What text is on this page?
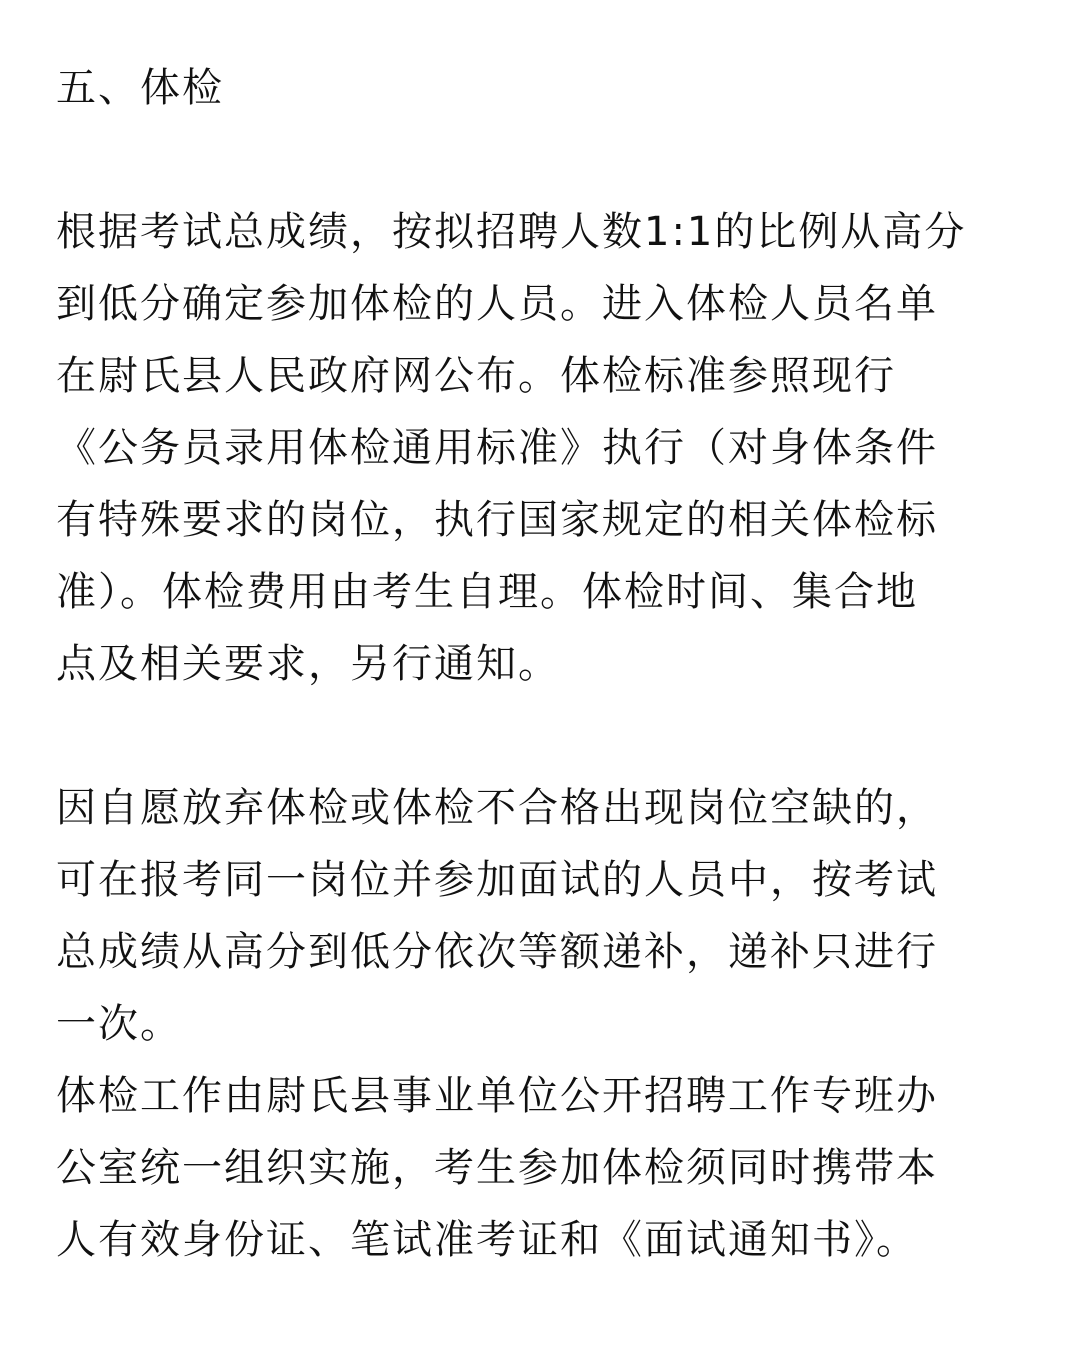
五、体检

根据考试总成绩，按拟招聘人数1:1的比例从高分
到低分确定参加体检的人员。进入体检人员名单
在尉氏县人民政府网公布。体检标准参照现行
《公务员录用体检通用标准》执行（对身体条件
有特殊要求的岗位，执行国家规定的相关体检标
准）。体检费用由考生自理。体检时间、集合地
点及相关要求，另行通知。

因自愿放弃体检或体检不合格出现岗位空缺的，
可在报考同一岗位并参加面试的人员中，按考试
总成绩从高分到低分依次等额递补，递补只进行
一次。

体检工作由尉氏县事业单位公开招聘工作专班办
公室统一组织实施，考生参加体检须同时携带本
人有效身份证、笔试准考证和《面试通知书》。
